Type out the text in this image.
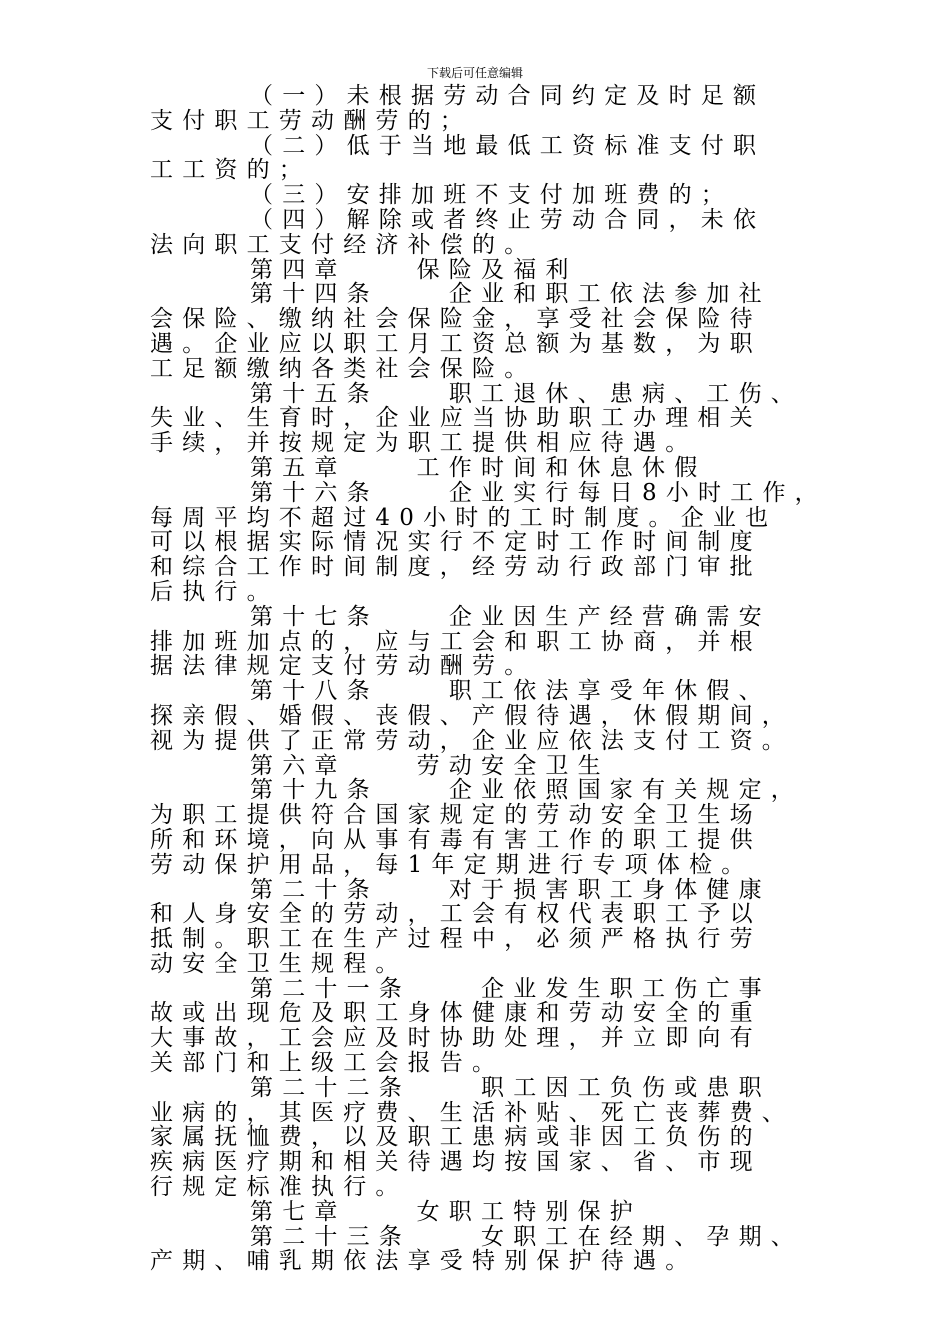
下载后可任意编辑
（一）未根据劳动合同约定及时足额
支付职工劳动酬劳的；
（二）低于当地最低工资标准支付职
工工资的；
（三）安排加班不支付加班费的；
（四）解除或者终止劳动合同，未依
法向职工支付经济补偿的。
第四章	保险及福利
第十四条	企业和职工依法参加社
会保险、缴纳社会保险金，享受社会保险待
遇。企业应以职工月工资总额为基数，为职
工足额缴纳各类社会保险。
第十五条	职工退休、患病、工伤、
失业、生育时，企业应当协助职工办理相关
手续，并按规定为职工提供相应待遇。
第五章	工作时间和休息休假
第十六条	企业实行每日8小时工作，
每周平均不超过40小时的工时制度。企业也
可以根据实际情况实行不定时工作时间制度
和综合工作时间制度，经劳动行政部门审批
后执行。
第十七条	企业因生产经营确需安
排加班加点的，应与工会和职工协商，并根
据法律规定支付劳动酬劳。
第十八条	职工依法享受年休假、
探亲假、婚假、丧假、产假待遇，休假期间，
视为提供了正常劳动，企业应依法支付工资。
第六章	劳动安全卫生
第十九条	企业依照国家有关规定，
为职工提供符合国家规定的劳动安全卫生场
所和环境，向从事有毒有害工作的职工提供
劳动保护用品，每1年定期进行专项体检。
第二十条	对于损害职工身体健康
和人身安全的劳动，工会有权代表职工予以
抵制。职工在生产过程中，必须严格执行劳
动安全卫生规程。
第二十一条	企业发生职工伤亡事
故或出现危及职工身体健康和劳动安全的重
大事故，工会应及时协助处理，并立即向有
关部门和上级工会报告。
第二十二条	职工因工负伤或患职
业病的，其医疗费、生活补贴、死亡丧葬费、
家属抚恤费，以及职工患病或非因工负伤的
疾病医疗期和相关待遇均按国家、省、市现
行规定标准执行。
第七章	女职工特别保护
第二十三条	女职工在经期、孕期、
产期、哺乳期依法享受特别保护待遇。
